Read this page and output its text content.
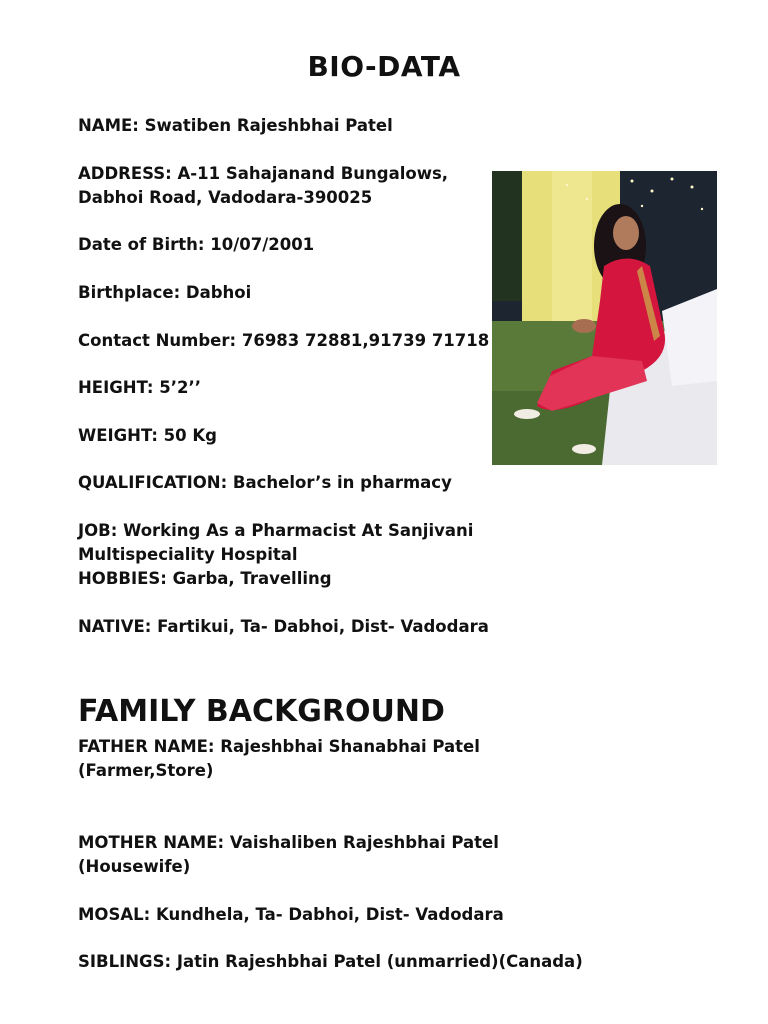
BIO-DATA
NAME: Swatiben Rajeshbhai Patel
ADDRESS: A-11 Sahajanand Bungalows,
Dabhoi Road, Vadodara-390025
Date of Birth: 10/07/2001
Birthplace: Dabhoi
Contact Number: 76983 72881,91739 71718
HEIGHT: 5’2’’
WEIGHT: 50 Kg
QUALIFICATION: Bachelor’s in pharmacy
JOB: Working As a Pharmacist At Sanjivani
Multispeciality Hospital
HOBBIES: Garba, Travelling
NATIVE: Fartikui, Ta- Dabhoi, Dist- Vadodara
FAMILY BACKGROUND
FATHER NAME: Rajeshbhai Shanabhai Patel
(Farmer,Store)
MOTHER NAME: Vaishaliben Rajeshbhai Patel
(Housewife)
MOSAL: Kundhela, Ta- Dabhoi, Dist- Vadodara
SIBLINGS: Jatin Rajeshbhai Patel (unmarried)(Canada)
